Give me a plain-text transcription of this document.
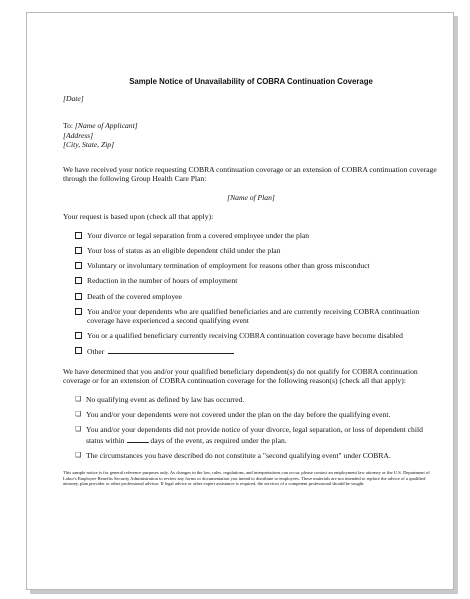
Sample Notice of Unavailability of COBRA Continuation Coverage
[Date]
To: [Name of Applicant]
[Address]
[City, State, Zip]
We have received your notice requesting COBRA continuation coverage or an extension of COBRA continuation coverage through the following Group Health Care Plan:
[Name of Plan]
Your request is based upon (check all that apply):
Your divorce or legal separation from a covered employee under the plan
Your loss of status as an eligible dependent child under the plan
Voluntary or involuntary termination of employment for reasons other than gross misconduct
Reduction in the number of hours of employment
Death of the covered employee
You and/or your dependents who are qualified beneficiaries and are currently receiving COBRA continuation coverage have experienced a second qualifying event
You or a qualified beneficiary currently receiving COBRA continuation coverage have become disabled
Other
We have determined that you and/or your qualified beneficiary dependent(s) do not qualify for COBRA continuation coverage or for an extension of COBRA continuation coverage for the following reason(s) (check all that apply):
❏ No qualifying event as defined by law has occurred.
❏ You and/or your dependents were not covered under the plan on the day before the qualifying event.
❏ You and/or your dependents did not provide notice of your divorce, legal separation, or loss of dependent child status within	days of the event, as required under the plan.
❏ The circumstances you have described do not constitute a "second qualifying event" under COBRA.
This sample notice is for general reference purposes only. As changes in the law, rules, regulations, and interpretations can occur, please contact an employment law attorney or the U.S. Department of Labor's Employee Benefits Security Administration to review any forms or documentation you intend to distribute to employees. These materials are not intended to replace the advice of a qualified attorney, plan provider or other professional advisor. If legal advice or other expert assistance is required, the services of a competent professional should be sought.
